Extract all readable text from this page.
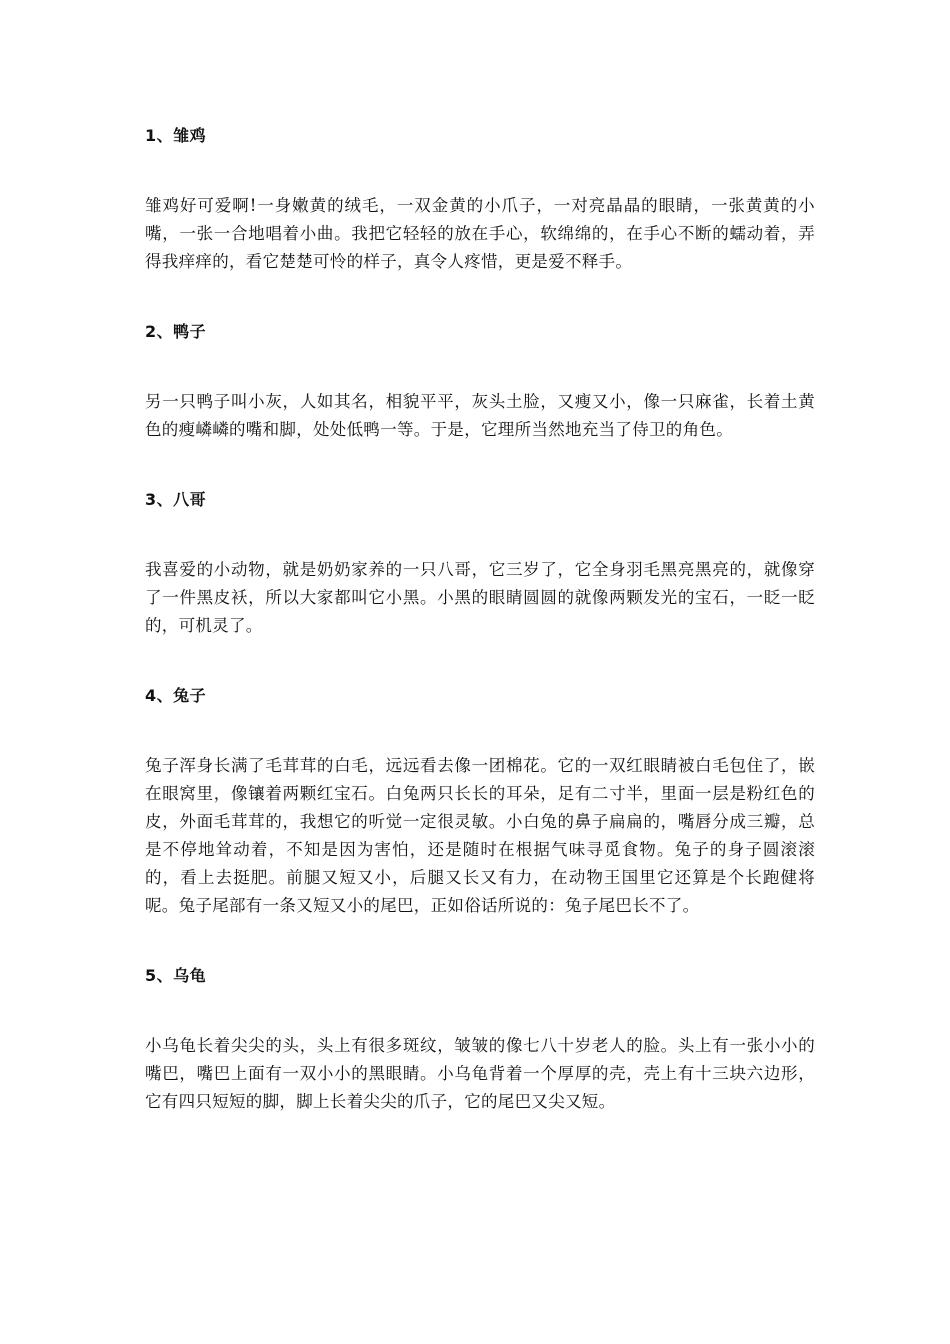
1、雏鸡

雏鸡好可爱啊!一身嫩黄的绒毛，一双金黄的小爪子，一对亮晶晶的眼睛，一张黄黄的小嘴，一张一合地唱着小曲。我把它轻轻的放在手心，软绵绵的，在手心不断的蠕动着，弄得我痒痒的，看它楚楚可怜的样子，真令人疼惜，更是爱不释手。

2、鸭子

另一只鸭子叫小灰，人如其名，相貌平平，灰头土脸，又瘦又小，像一只麻雀，长着土黄色的瘦嶙嶙的嘴和脚，处处低鸭一等。于是，它理所当然地充当了侍卫的角色。

3、八哥

我喜爱的小动物，就是奶奶家养的一只八哥，它三岁了，它全身羽毛黑亮黑亮的，就像穿了一件黑皮袄，所以大家都叫它小黑。小黑的眼睛圆圆的就像两颗发光的宝石，一眨一眨的，可机灵了。

4、兔子

兔子浑身长满了毛茸茸的白毛，远远看去像一团棉花。它的一双红眼睛被白毛包住了，嵌在眼窝里，像镶着两颗红宝石。白兔两只长长的耳朵，足有二寸半，里面一层是粉红色的皮，外面毛茸茸的，我想它的听觉一定很灵敏。小白兔的鼻子扁扁的，嘴唇分成三瓣，总是不停地耸动着，不知是因为害怕，还是随时在根据气味寻觅食物。兔子的身子圆滚滚的，看上去挺肥。前腿又短又小，后腿又长又有力，在动物王国里它还算是个长跑健将呢。兔子尾部有一条又短又小的尾巴，正如俗话所说的：兔子尾巴长不了。

5、乌龟

小乌龟长着尖尖的头，头上有很多斑纹，皱皱的像七八十岁老人的脸。头上有一张小小的嘴巴，嘴巴上面有一双小小的黑眼睛。小乌龟背着一个厚厚的壳，壳上有十三块六边形，它有四只短短的脚，脚上长着尖尖的爪子，它的尾巴又尖又短。
